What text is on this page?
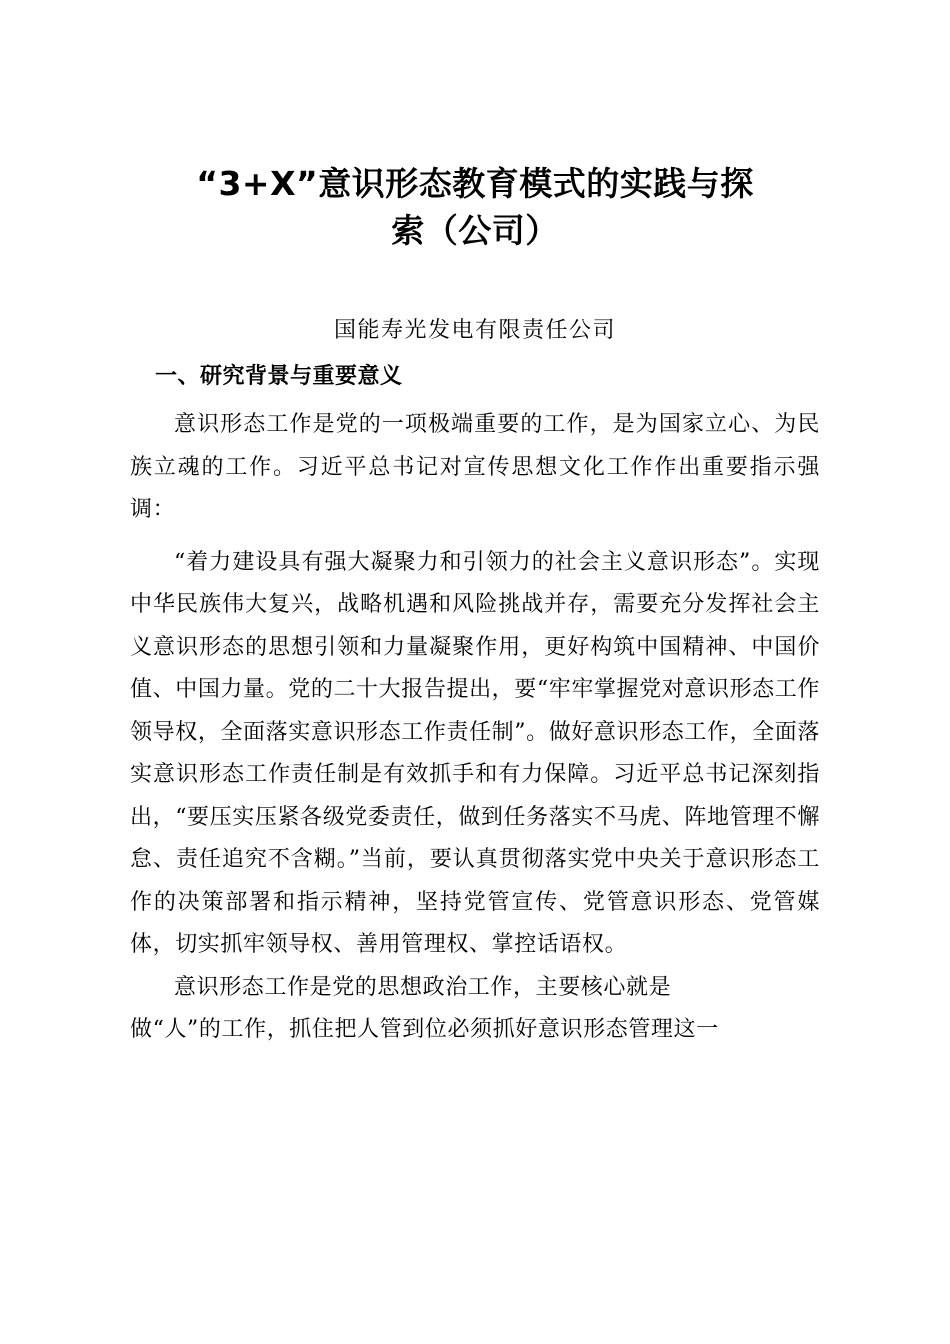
“3+X”意识形态教育模式的实践与探
索（公司）
国能寿光发电有限责任公司
一、研究背景与重要意义

意识形态工作是党的一项极端重要的工作，是为国家立心、为民族立魂的工作。习近平总书记对宣传思想文化工作作出重要指示强调：

“着力建设具有强大凝聚力和引领力的社会主义意识形态”。实现中华民族伟大复兴，战略机遇和风险挑战并存，需要充分发挥社会主义意识形态的思想引领和力量凝聚作用，更好构筑中国精神、中国价值、中国力量。党的二十大报告提出，要“牢牢掌握党对意识形态工作领导权，全面落实意识形态工作责任制”。做好意识形态工作，全面落实意识形态工作责任制是有效抓手和有力保障。习近平总书记深刻指出，“要压实压紧各级党委责任，做到任务落实不马虎、阵地管理不懈怠、责任追究不含糊。”当前，要认真贯彻落实党中央关于意识形态工作的决策部署和指示精神，坚持党管宣传、党管意识形态、党管媒体，切实抓牢领导权、善用管理权、掌控话语权。

意识形态工作是党的思想政治工作，主要核心就是
做“人”的工作，抓住把人管到位必须抓好意识形态管理这一
